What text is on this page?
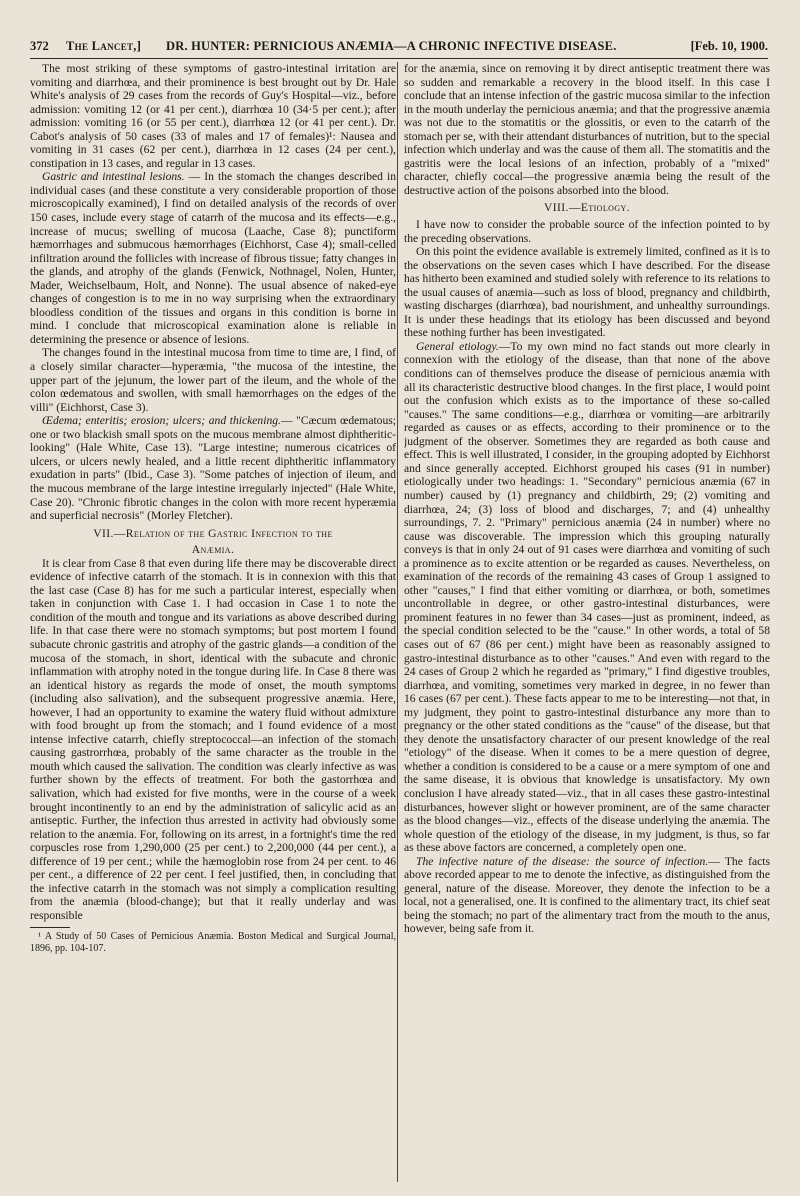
372 The Lancet,] DR. HUNTER: PERNICIOUS ANÆMIA—A CHRONIC INFECTIVE DISEASE.	[Feb. 10, 1900.

The most striking of these symptoms of gastro-intestinal irritation are vomiting and diarrhœa, and their prominence is best brought out by Dr. Hale White's analysis of 29 cases from the records of Guy's Hospital—viz., before admission: vomiting 12 (or 41 per cent.), diarrhœa 10 (34·5 per cent.); after admission: vomiting 16 (or 55 per cent.), diarrhœa 12 (or 41 per cent.). Dr. Cabot's analysis of 50 cases (33 of males and 17 of females)¹: Nausea and vomiting in 31 cases (62 per cent.), diarrhœa in 12 cases (24 per cent.), constipation in 13 cases, and regular in 13 cases.

Gastric and intestinal lesions. — In the stomach the changes described in individual cases (and these constitute a very considerable proportion of those microscopically examined), I find on detailed analysis of the records of over 150 cases, include every stage of catarrh of the mucosa and its effects—e.g., increase of mucus; swelling of mucosa (Laache, Case 8); punctiform hæmorrhages and submucous hæmorrhages (Eichhorst, Case 4); small-celled infiltration around the follicles with increase of fibrous tissue; fatty changes in the glands, and atrophy of the glands (Fenwick, Nothnagel, Nolen, Hunter, Mader, Weichselbaum, Holt, and Nonne). The usual absence of naked-eye changes of congestion is to me in no way surprising when the extraordinary bloodless condition of the tissues and organs in this condition is borne in mind. I conclude that microscopical examination alone is reliable in determining the presence or absence of lesions.

The changes found in the intestinal mucosa from time to time are, I find, of a closely similar character—hyperæmia, "the mucosa of the intestine, the upper part of the jejunum, the lower part of the ileum, and the whole of the colon œdematous and swollen, with small hæmorrhages on the edges of the villi" (Eichhorst, Case 3).

Œdema; enteritis; erosion; ulcers; and thickening.— "Cæcum œdematous; one or two blackish small spots on the mucous membrane almost diphtheritic-looking" (Hale White, Case 13). "Large intestine; numerous cicatrices of ulcers, or ulcers newly healed, and a little recent diphtheritic inflammatory exudation in parts" (Ibid., Case 3). "Some patches of injection of ileum, and the mucous membrane of the large intestine irregularly injected" (Hale White, Case 20). "Chronic fibrotic changes in the colon with more recent hyperæmia and superficial necrosis" (Morley Fletcher).

VII.—Relation of the Gastric Infection to the
Anæmia.

It is clear from Case 8 that even during life there may be discoverable direct evidence of infective catarrh of the stomach. It is in connexion with this that the last case (Case 8) has for me such a particular interest, especially when taken in conjunction with Case 1. I had occasion in Case 1 to note the condition of the mouth and tongue and its variations as above described during life. In that case there were no stomach symptoms; but post mortem I found subacute chronic gastritis and atrophy of the gastric glands—a condition of the mucosa of the stomach, in short, identical with the subacute and chronic inflammation with atrophy noted in the tongue during life. In Case 8 there was an identical history as regards the mode of onset, the mouth symptoms (including also salivation), and the subsequent progressive anæmia. Here, however, I had an opportunity to examine the watery fluid without admixture with food brought up from the stomach; and I found evidence of a most intense infective catarrh, chiefly streptococcal—an infection of the stomach causing gastrorrhœa, probably of the same character as the trouble in the mouth which caused the salivation. The condition was clearly infective as was further shown by the effects of treatment. For both the gastorrhœa and salivation, which had existed for five months, were in the course of a week brought incontinently to an end by the administration of salicylic acid as an antiseptic. Further, the infection thus arrested in activity had obviously some relation to the anæmia. For, following on its arrest, in a fortnight's time the red corpuscles rose from 1,290,000 (25 per cent.) to 2,200,000 (44 per cent.), a difference of 19 per cent.; while the hæmoglobin rose from 24 per cent. to 46 per cent., a difference of 22 per cent. I feel justified, then, in concluding that the infective catarrh in the stomach was not simply a complication resulting from the anæmia (blood-change); but that it really underlay and was responsible

¹ A Study of 50 Cases of Pernicious Anæmia. Boston Medical and Surgical Journal, 1896, pp. 104-107.

for the anæmia, since on removing it by direct antiseptic treatment there was so sudden and remarkable a recovery in the blood itself. In this case I conclude that an intense infection of the gastric mucosa similar to the infection in the mouth underlay the pernicious anæmia; and that the progressive anæmia was not due to the stomatitis or the glossitis, or even to the catarrh of the stomach per se, with their attendant disturbances of nutrition, but to the special infection which underlay and was the cause of them all. The stomatitis and the gastritis were the local lesions of an infection, probably of a "mixed" character, chiefly coccal—the progressive anæmia being the result of the destructive action of the poisons absorbed into the blood.

VIII.—Etiology.

I have now to consider the probable source of the infection pointed to by the preceding observations.

On this point the evidence available is extremely limited, confined as it is to the observations on the seven cases which I have described. For the disease has hitherto been examined and studied solely with reference to its relations to the usual causes of anæmia—such as loss of blood, pregnancy and childbirth, wasting discharges (diarrhœa), bad nourishment, and unhealthy surroundings. It is under these headings that its etiology has been discussed and beyond these nothing further has been investigated.

General etiology.—To my own mind no fact stands out more clearly in connexion with the etiology of the disease, than that none of the above conditions can of themselves produce the disease of pernicious anæmia with all its characteristic destructive blood changes. In the first place, I would point out the confusion which exists as to the importance of these so-called "causes." The same conditions—e.g., diarrhœa or vomiting—are arbitrarily regarded as causes or as effects, according to their prominence or to the judgment of the observer. Sometimes they are regarded as both cause and effect. This is well illustrated, I consider, in the grouping adopted by Eichhorst and since generally accepted. Eichhorst grouped his cases (91 in number) etiologically under two headings: 1. "Secondary" pernicious anæmia (67 in number) caused by (1) pregnancy and childbirth, 29; (2) vomiting and diarrhœa, 24; (3) loss of blood and discharges, 7; and (4) unhealthy surroundings, 7. 2. "Primary" pernicious anæmia (24 in number) where no cause was discoverable. The impression which this grouping naturally conveys is that in only 24 out of 91 cases were diarrhœa and vomiting of such a prominence as to excite attention or be regarded as causes. Nevertheless, on examination of the records of the remaining 43 cases of Group 1 assigned to other "causes," I find that either vomiting or diarrhœa, or both, sometimes uncontrollable in degree, or other gastro-intestinal disturbances, were prominent features in no fewer than 34 cases—just as prominent, indeed, as the special condition selected to be the "cause." In other words, a total of 58 cases out of 67 (86 per cent.) might have been as reasonably assigned to gastro-intestinal disturbance as to other "causes." And even with regard to the 24 cases of Group 2 which he regarded as "primary," I find digestive troubles, diarrhœa, and vomiting, sometimes very marked in degree, in no fewer than 16 cases (67 per cent.). These facts appear to me to be interesting—not that, in my judgment, they point to gastro-intestinal disturbance any more than to pregnancy or the other stated conditions as the "cause" of the disease, but that they denote the unsatisfactory character of our present knowledge of the real "etiology" of the disease. When it comes to be a mere question of degree, whether a condition is considered to be a cause or a mere symptom of one and the same disease, it is obvious that knowledge is unsatisfactory. My own conclusion I have already stated—viz., that in all cases these gastro-intestinal disturbances, however slight or however prominent, are of the same character as the blood changes—viz., effects of the disease underlying the anæmia. The whole question of the etiology of the disease, in my judgment, is thus, so far as these above factors are concerned, a completely open one.

The infective nature of the disease: the source of infection.— The facts above recorded appear to me to denote the infective, as distinguished from the general, nature of the disease. Moreover, they denote the infection to be a local, not a generalised, one. It is confined to the alimentary tract, its chief seat being the stomach; no part of the alimentary tract from the mouth to the anus, however, being safe from it.
